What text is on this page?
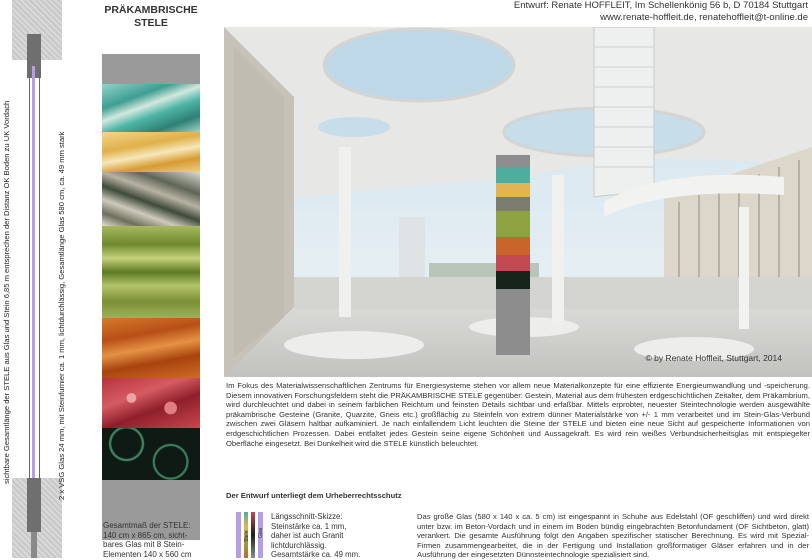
Entwurf: Renate HOFFLEIT, Im Schellenkönig 56 b, D 70184 Stuttgart
www.renate-hoffleit.de, renatehoffleit@t-online.de
PRÄKAMBRISCHE
STELE
sichtbare Gesamtlänge der STELE aus Glas und Stein 6,85 m entsprechen der Distanz OK Boden zu UK Vordach	2 x VSG Glas 24 mm, mit Steinfurnier ca. 1 mm, lichtdurchlässig, Gesamtlänge Glas 580 cm, ca. 49 mm stark	© by Renate Hoffleit, Stuttgart, 2014
Im Fokus des Materialwissenschaftlichen Zentrums für Energiesysteme stehen vor allem neue Materialkonzepte für eine effiziente Energieumwandlung und -speicherung. Diesem innovativen Forschungsfeldern steht die PRÄKAMBRISCHE STELE gegenüber: Gestein, Material aus dem frühesten erdgeschichtlichen Zeitalter, dem Präkambrium, wird durchleuchtet und dabei in seinem farblichen Reichtum und feinsten Details sichtbar und erfaßbar. Mittels erprobter, neuester Steintechnologie werden ausgewählte präkambrische Gesteine (Granite, Quarzite, Gneis etc.) großflächig zu Steinfeln von extrem dünner Materialstärke von +/- 1 mm verarbeitet und im Stein-Glas-Verbund zwischen zwei Gläsern haltbar aufkaminiert. Je nach einfallendem Licht leuchten die Steine der STELE und bieten eine neue Sicht auf gespeicherte Informationen von erdgeschichtlichen Prozessen. Dabei entfaltet jedes Gestein seine eigene Schönheit und Aussagekraft. Es wird rein weißes Verbundsicherheitsglas mit entspiegelter Oberfläche eingesetzt. Bei Dunkelheit wird die STELE künstlich beleuchtet.
Der Entwurf unterliegt dem Urheberrechtsschutz
Gesamtmaß der STELE:
140 cm x 865 cm, sicht-
bares Glas mit 8 Stein-
Elementen 140 x 560 cm
Stein Glas
Längsschnitt-Skizze: Steinstärke ca. 1 mm, daher ist auch Granit lichtdurchlässig. Gesamtstärke ca. 49 mm.
Das große Glas (580 x 140 x ca. 5 cm) ist eingespannt in Schuhe aus Edelstahl (OF geschliffen) und wird direkt unter bzw. im Beton-Vordach und in einem im Boden bündig eingebrachten Betonfundament (OF Sichtbeton, glatt) verankert. Die gesamte Ausführung folgt den Angaben spezifischer statischer Berechnung. Es wird mit Spezial-Firmen zusammengearbeitet, die in der Fertigung und Installation großformatiger Gläser erfahren und in der Ausführung der eingesetzten Dünnsteintechnologie spezialisiert sind.
